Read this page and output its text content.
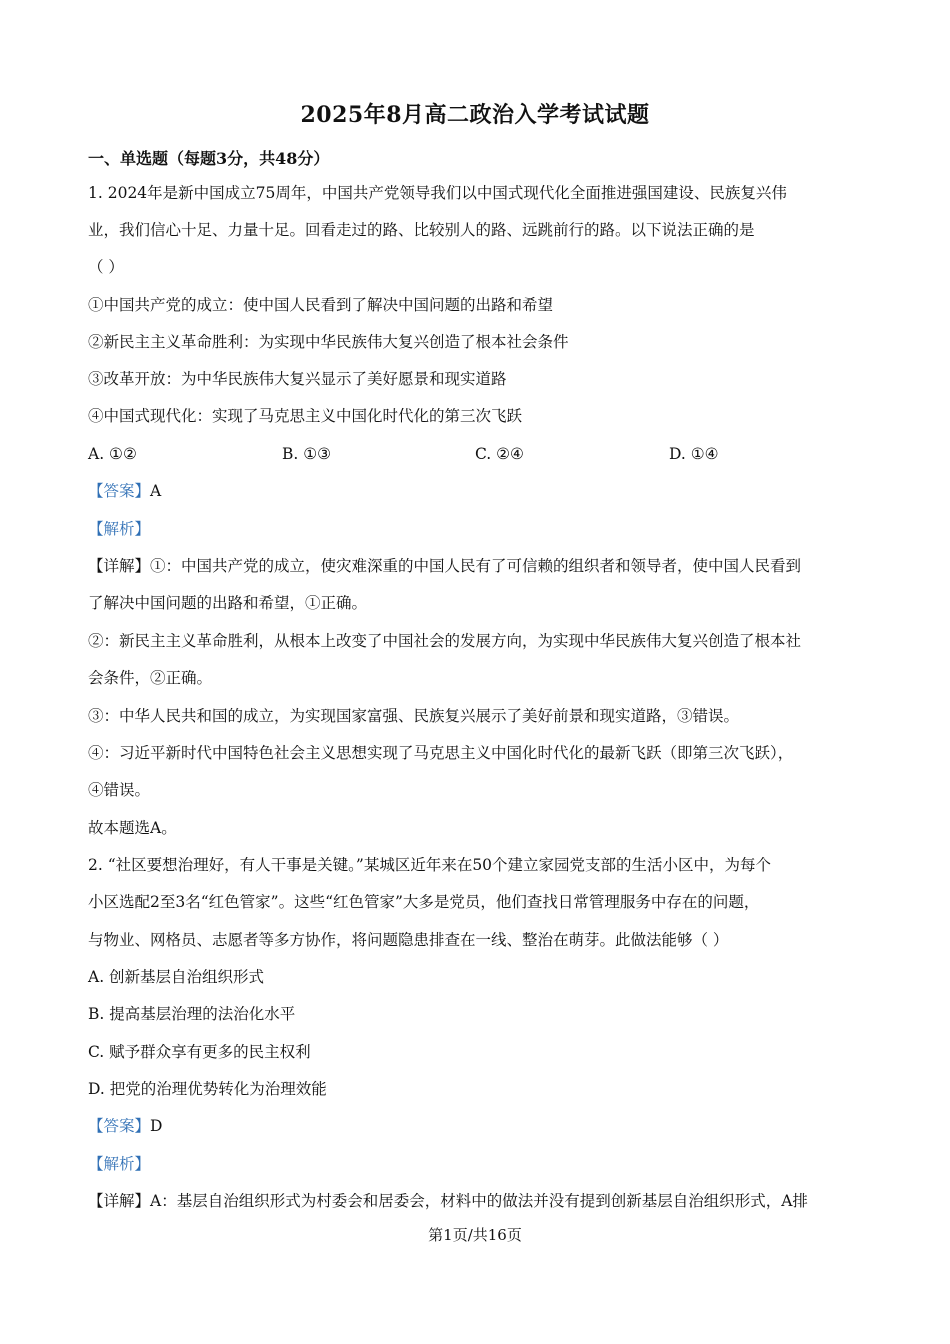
2025年8月高二政治入学考试试题
一、单选题（每题3分，共48分）
1. 2024年是新中国成立75周年，中国共产党领导我们以中国式现代化全面推进强国建设、民族复兴伟
业，我们信心十足、力量十足。回看走过的路、比较别人的路、远跳前行的路。以下说法正确的是
（ ）
①中国共产党的成立：使中国人民看到了解决中国问题的出路和希望
②新民主主义革命胜利：为实现中华民族伟大复兴创造了根本社会条件
③改革开放：为中华民族伟大复兴显示了美好愿景和现实道路
④中国式现代化：实现了马克思主义中国化时代化的第三次飞跃
A. ①②	B. ①③	C. ②④	D. ①④
【答案】A
【解析】
【详解】①：中国共产党的成立，使灾难深重的中国人民有了可信赖的组织者和领导者，使中国人民看到
了解决中国问题的出路和希望，①正确。
②：新民主主义革命胜利，从根本上改变了中国社会的发展方向，为实现中华民族伟大复兴创造了根本社
会条件，②正确。
③：中华人民共和国的成立，为实现国家富强、民族复兴展示了美好前景和现实道路，③错误。
④：习近平新时代中国特色社会主义思想实现了马克思主义中国化时代化的最新飞跃（即第三次飞跃），
④错误。
故本题选A。
2. “社区要想治理好，有人干事是关键。”某城区近年来在50个建立家园党支部的生活小区中，为每个
小区选配2至3名“红色管家”。这些“红色管家”大多是党员，他们查找日常管理服务中存在的问题，
与物业、网格员、志愿者等多方协作，将问题隐患排查在一线、整治在萌芽。此做法能够（ ）
A. 创新基层自治组织形式
B. 提高基层治理的法治化水平
C. 赋予群众享有更多的民主权利
D. 把党的治理优势转化为治理效能
【答案】D
【解析】
【详解】A：基层自治组织形式为村委会和居委会，材料中的做法并没有提到创新基层自治组织形式，A排
第1页/共16页
